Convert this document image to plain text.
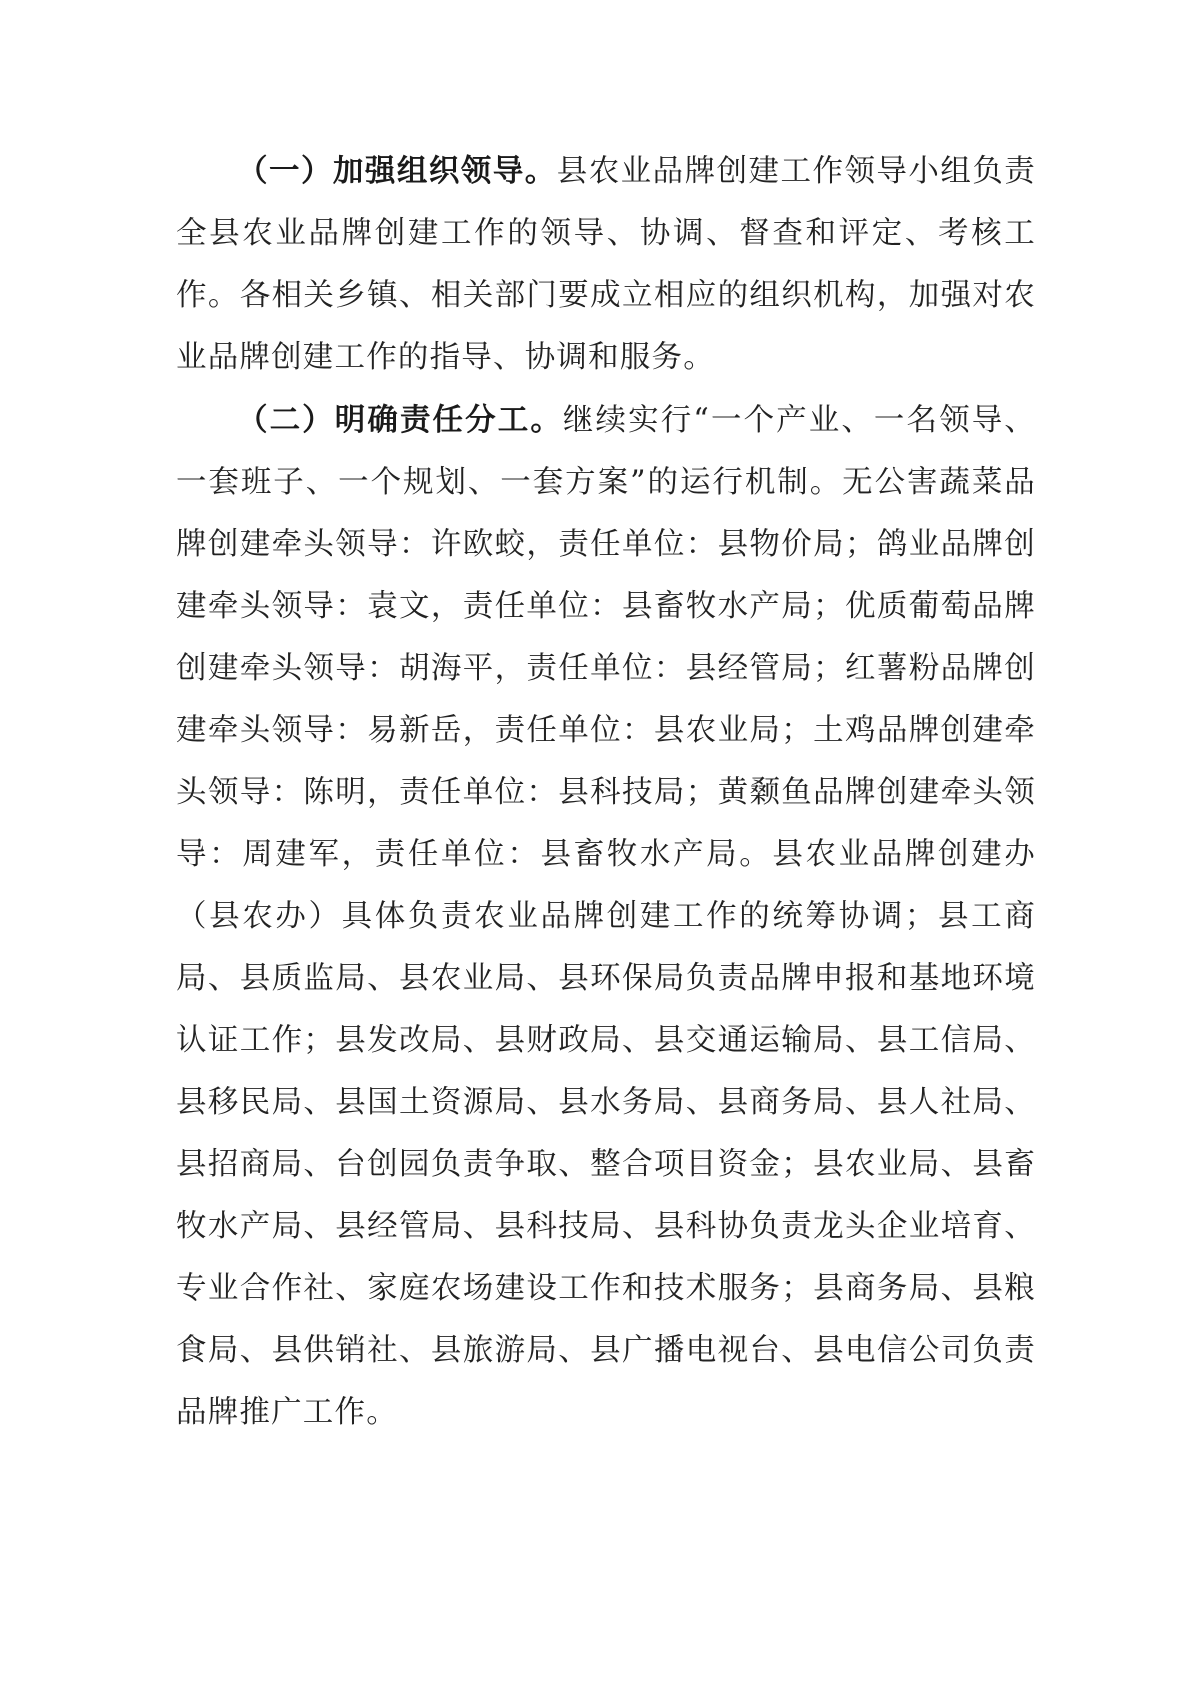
（一）加强组织领导。县农业品牌创建工作领导小组负责全县农业品牌创建工作的领导、协调、督查和评定、考核工作。各相关乡镇、相关部门要成立相应的组织机构，加强对农业品牌创建工作的指导、协调和服务。

（二）明确责任分工。继续实行“一个产业、一名领导、一套班子、一个规划、一套方案”的运行机制。无公害蔬菜品牌创建牵头领导：许欧蛟，责任单位：县物价局；鸽业品牌创建牵头领导：袁文，责任单位：县畜牧水产局；优质葡萄品牌创建牵头领导：胡海平，责任单位：县经管局；红薯粉品牌创建牵头领导：易新岳，责任单位：县农业局；土鸡品牌创建牵头领导：陈明，责任单位：县科技局；黄颡鱼品牌创建牵头领导：周建军，责任单位：县畜牧水产局。县农业品牌创建办（县农办）具体负责农业品牌创建工作的统筹协调；县工商局、县质监局、县农业局、县环保局负责品牌申报和基地环境认证工作；县发改局、县财政局、县交通运输局、县工信局、县移民局、县国土资源局、县水务局、县商务局、县人社局、县招商局、台创园负责争取、整合项目资金；县农业局、县畜牧水产局、县经管局、县科技局、县科协负责龙头企业培育、专业合作社、家庭农场建设工作和技术服务；县商务局、县粮食局、县供销社、县旅游局、县广播电视台、县电信公司负责品牌推广工作。
